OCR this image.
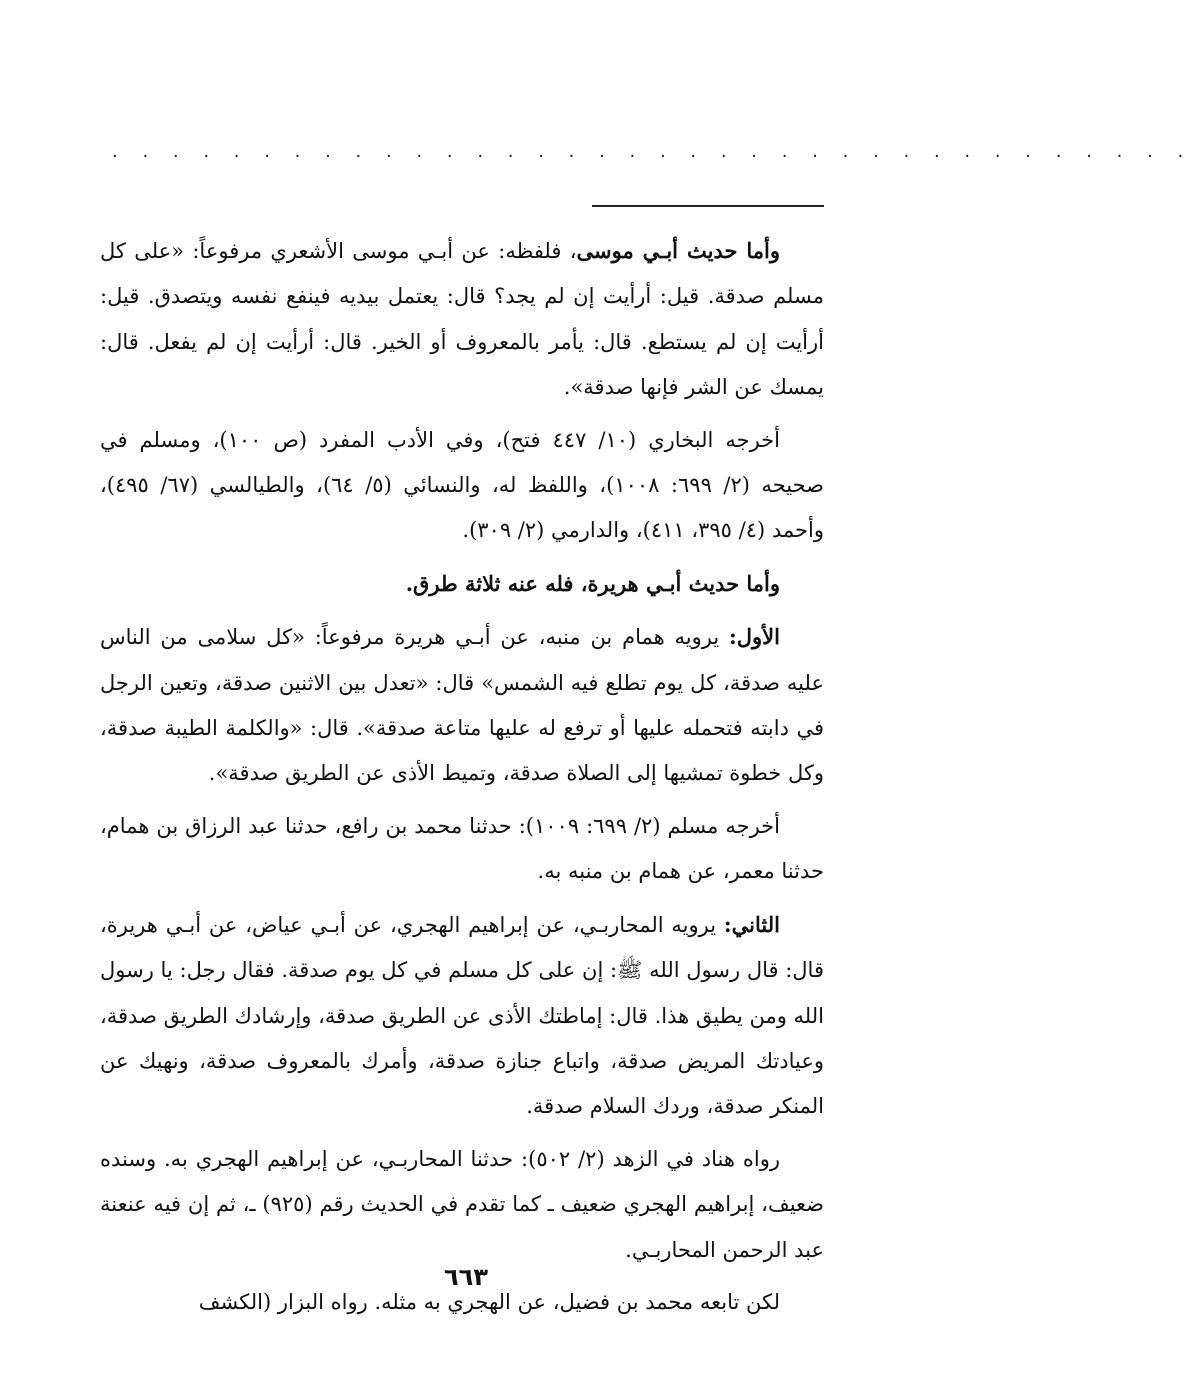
. . . . . . . . . . . . . . . . . . . . . . . . . . . . . . . . . . . .

وأما حديث أبـي موسى، فلفظه: عن أبـي موسى الأشعري مرفوعاً: «على كل مسلم صدقة. قيل: أرأيت إن لم يجد؟ قال: يعتمل بيديه فينفع نفسه ويتصدق. قيل: أرأيت إن لم يستطع. قال: يأمر بالمعروف أو الخير. قال: أرأيت إن لم يفعل. قال: يمسك عن الشر فإنها صدقة».

أخرجه البخاري (١٠/ ٤٤٧ فتح)، وفي الأدب المفرد (ص ١٠٠)، ومسلم في صحيحه (٢/ ٦٩٩: ١٠٠٨)، واللفظ له، والنسائي (٥/ ٦٤)، والطيالسي (٦٧/ ٤٩٥)، وأحمد (٤/ ٣٩٥، ٤١١)، والدارمي (٢/ ٣٠٩).

وأما حديث أبـي هريرة، فله عنه ثلاثة طرق.

الأول: يرويه همام بن منبه، عن أبـي هريرة مرفوعاً: «كل سلامى من الناس عليه صدقة، كل يوم تطلع فيه الشمس» قال: «تعدل بين الاثنين صدقة، وتعين الرجل في دابته فتحمله عليها أو ترفع له عليها متاعة صدقة». قال: «والكلمة الطيبة صدقة، وكل خطوة تمشيها إلى الصلاة صدقة، وتميط الأذى عن الطريق صدقة».

أخرجه مسلم (٢/ ٦٩٩: ١٠٠٩): حدثنا محمد بن رافع، حدثنا عبد الرزاق بن همام، حدثنا معمر، عن همام بن منبه به.

الثاني: يرويه المحاربـي، عن إبراهيم الهجري، عن أبـي عياض، عن أبـي هريرة، قال: قال رسول الله ﷺ: إن على كل مسلم في كل يوم صدقة. فقال رجل: يا رسول الله ومن يطيق هذا. قال: إماطتك الأذى عن الطريق صدقة، وإرشادك الطريق صدقة، وعيادتك المريض صدقة، واتباع جنازة صدقة، وأمرك بالمعروف صدقة، ونهيك عن المنكر صدقة، وردك السلام صدقة.

رواه هناد في الزهد (٢/ ٥٠٢): حدثنا المحاربـي، عن إبراهيم الهجري به. وسنده ضعيف، إبراهيم الهجري ضعيف ـ كما تقدم في الحديث رقم (٩٢٥) ـ، ثم إن فيه عنعنة عبد الرحمن المحاربـي.

لكن تابعه محمد بن فضيل، عن الهجري به مثله. رواه البزار (الكشف

٦٦٣
